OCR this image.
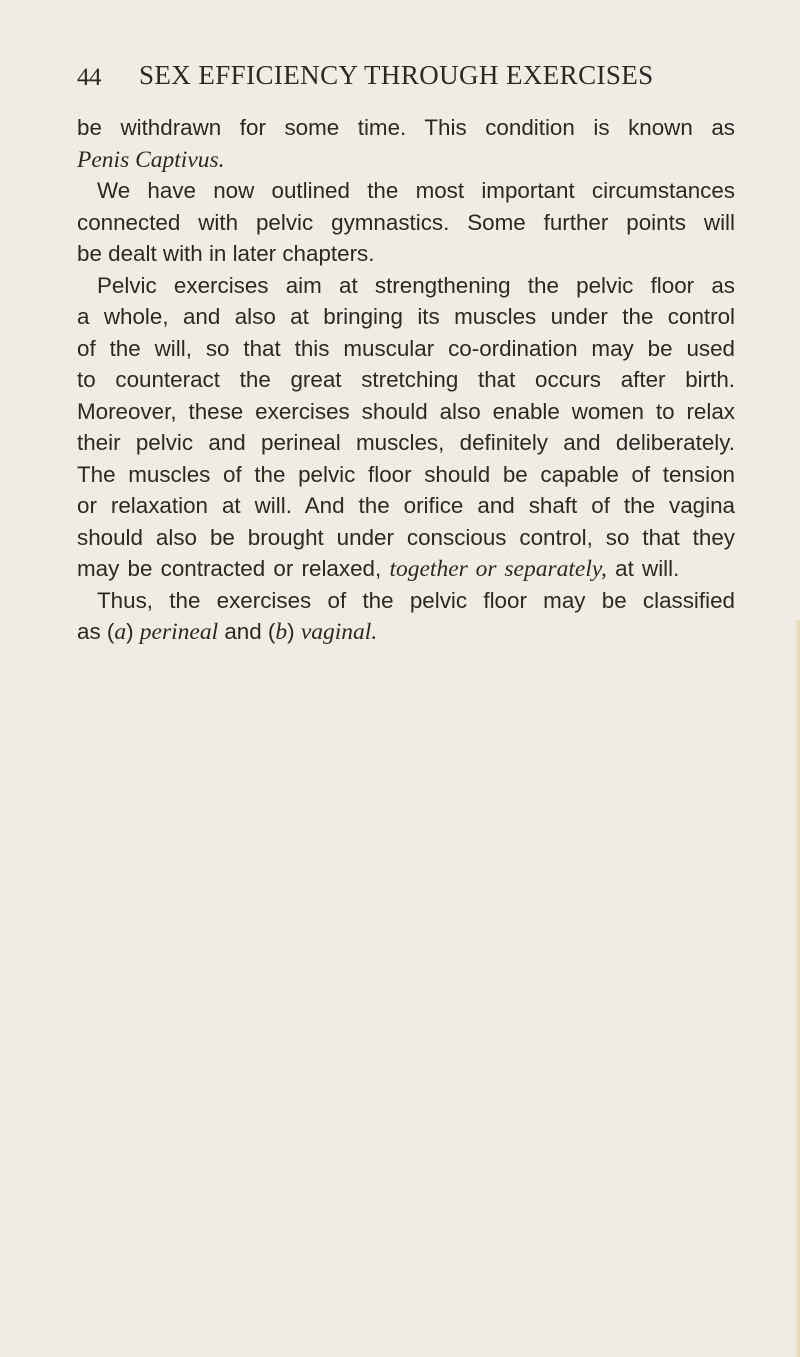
44 SEX EFFICIENCY THROUGH EXERCISES
be withdrawn for some time. This condition is known as
Penis Captivus.
We have now outlined the most important circumstances
connected with pelvic gymnastics. Some further points will
be dealt with in later chapters.
Pelvic exercises aim at strengthening the pelvic floor as
a whole, and also at bringing its muscles under the control
of the will, so that this muscular co-ordination may be used
to counteract the great stretching that occurs after birth.
Moreover, these exercises should also enable women to relax
their pelvic and perineal muscles, definitely and deliberately.
The muscles of the pelvic floor should be capable of tension
or relaxation at will. And the orifice and shaft of the vagina
should also be brought under conscious control, so that they
may be contracted or relaxed, together or separately, at will.
Thus, the exercises of the pelvic floor may be classified
as (a) perineal and (b) vaginal.
